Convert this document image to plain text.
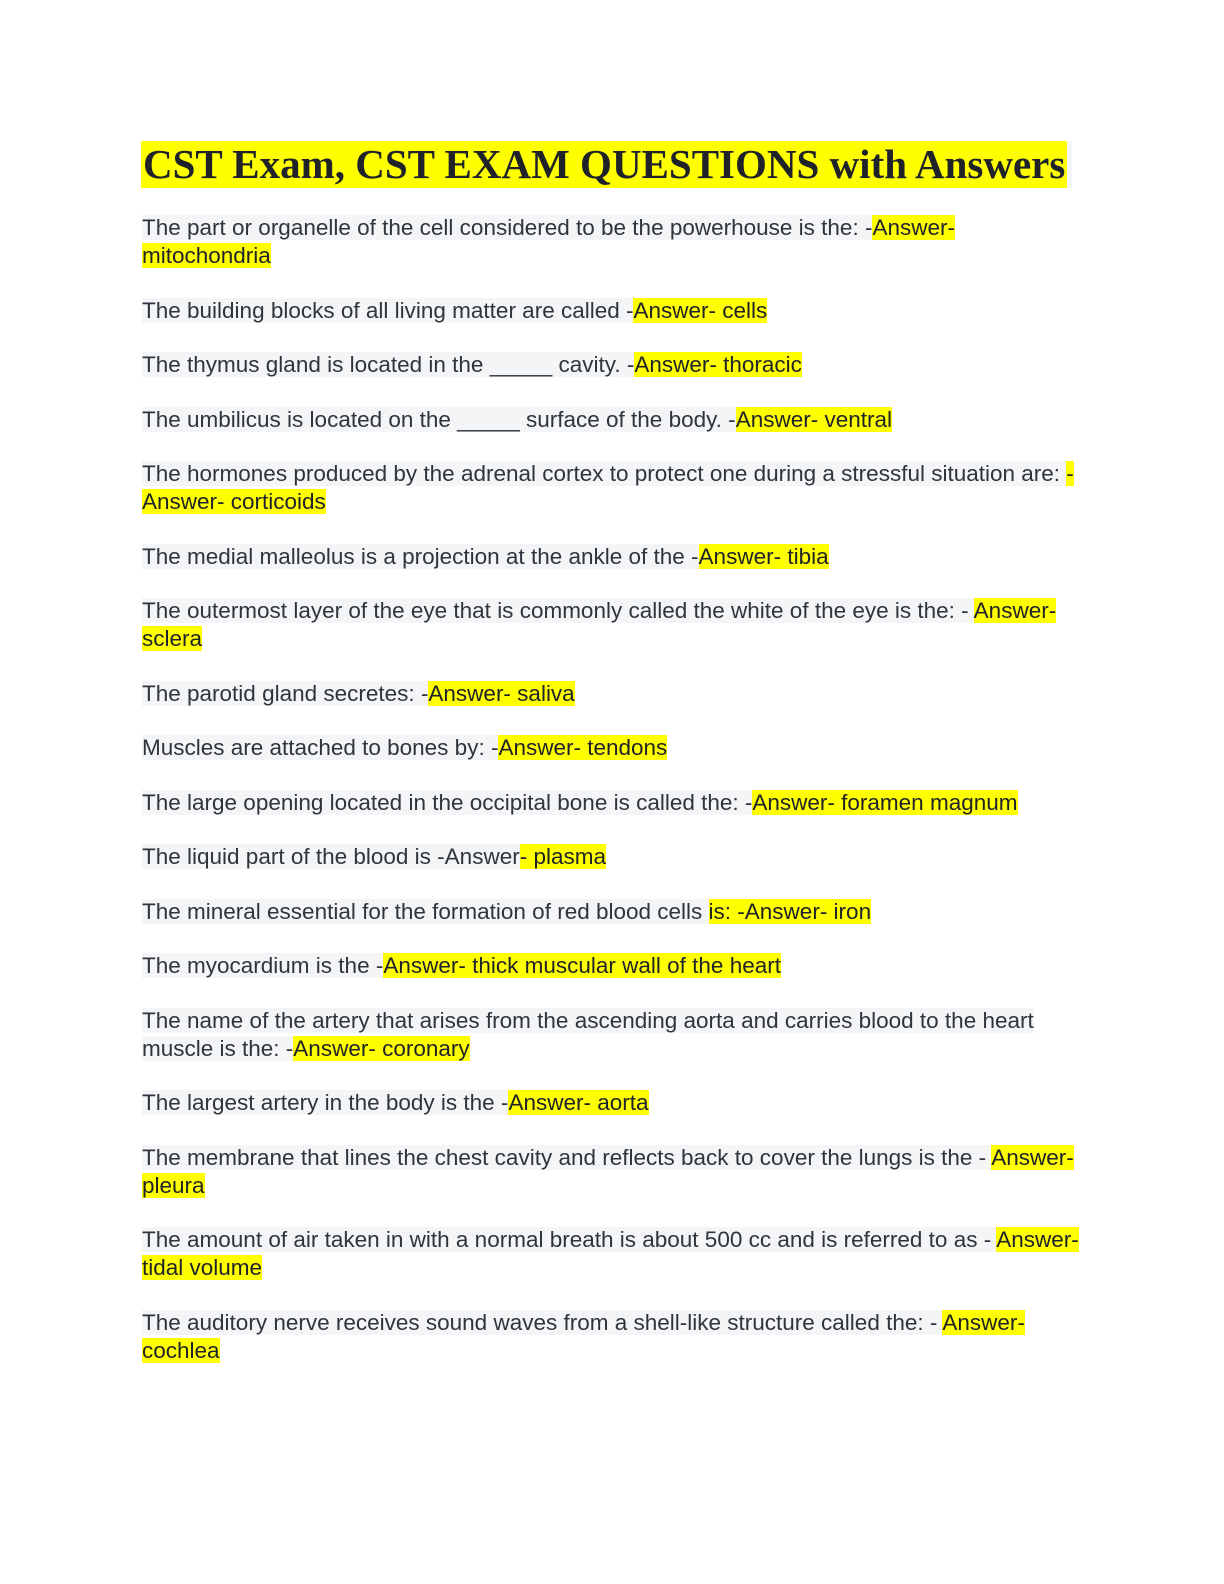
CST Exam, CST EXAM QUESTIONS with Answers

The part or organelle of the cell considered to be the powerhouse is the: -Answer- mitochondria

The building blocks of all living matter are called -Answer- cells

The thymus gland is located in the _____ cavity. -Answer- thoracic

The umbilicus is located on the _____ surface of the body. -Answer- ventral

The hormones produced by the adrenal cortex to protect one during a stressful situation are: -Answer- corticoids

The medial malleolus is a projection at the ankle of the -Answer- tibia

The outermost layer of the eye that is commonly called the white of the eye is the: - Answer- sclera

The parotid gland secretes: -Answer- saliva

Muscles are attached to bones by: -Answer- tendons

The large opening located in the occipital bone is called the: -Answer- foramen magnum

The liquid part of the blood is -Answer- plasma

The mineral essential for the formation of red blood cells is: -Answer- iron

The myocardium is the -Answer- thick muscular wall of the heart

The name of the artery that arises from the ascending aorta and carries blood to the heart muscle is the: -Answer- coronary

The largest artery in the body is the -Answer- aorta

The membrane that lines the chest cavity and reflects back to cover the lungs is the - Answer- pleura

The amount of air taken in with a normal breath is about 500 cc and is referred to as - Answer- tidal volume

The auditory nerve receives sound waves from a shell-like structure called the: - Answer- cochlea
